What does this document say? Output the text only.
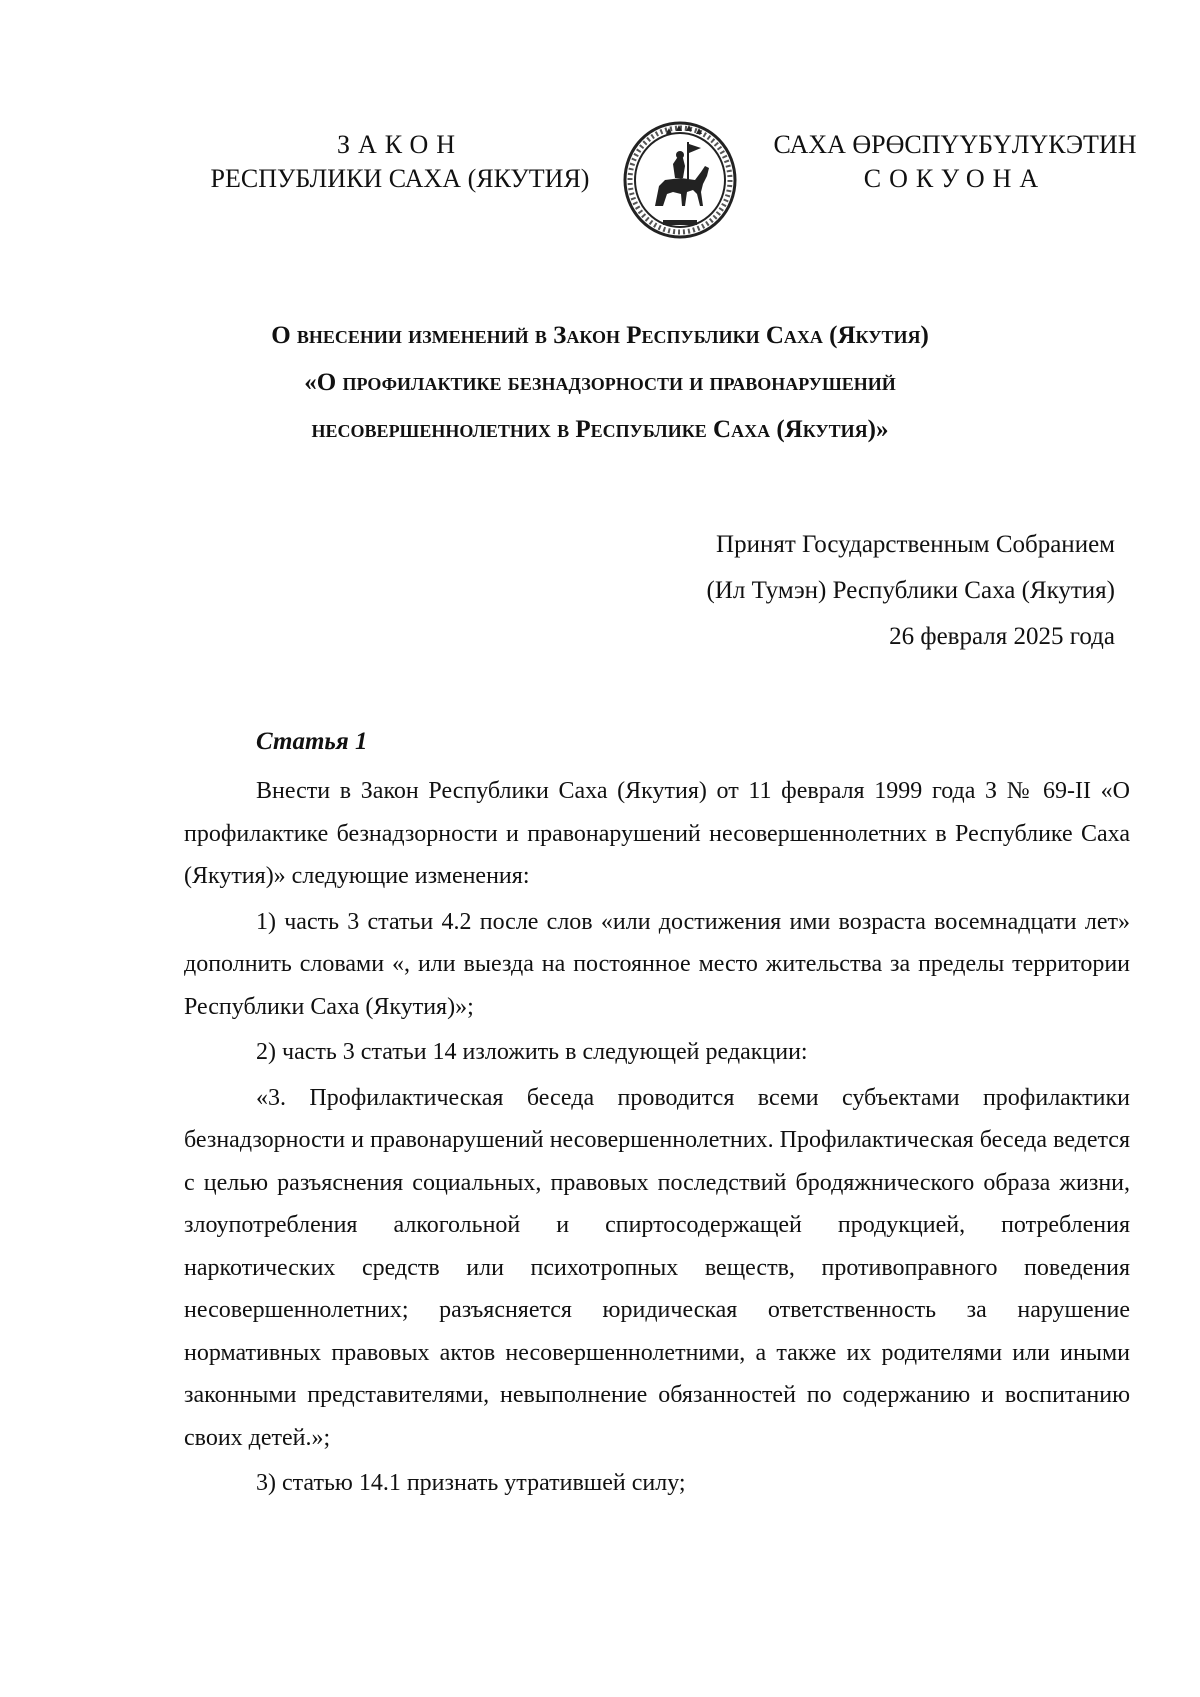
ЗАКОН
РЕСПУБЛИКИ САХА (ЯКУТИЯ)
САХА ӨРӨСПҮҮБҮЛҮКЭТИН
СОКУОНА
О внесении изменений в Закон Республики Саха (Якутия)
«О профилактике безнадзорности и правонарушений
несовершеннолетних в Республике Саха (Якутия)»
Принят Государственным Собранием
(Ил Тумэн) Республики Саха (Якутия)
26 февраля 2025 года
Статья 1

Внести в Закон Республики Саха (Якутия) от 11 февраля 1999 года З № 69-II «О профилактике безнадзорности и правонарушений несовершеннолетних в Республике Саха (Якутия)» следующие изменения:

1) часть 3 статьи 4.2 после слов «или достижения ими возраста восемнадцати лет» дополнить словами «, или выезда на постоянное место жительства за пределы территории Республики Саха (Якутия)»;

2) часть 3 статьи 14 изложить в следующей редакции:

«3. Профилактическая беседа проводится всеми субъектами профилактики безнадзорности и правонарушений несовершеннолетних. Профилактическая беседа ведется с целью разъяснения социальных, правовых последствий бродяжнического образа жизни, злоупотребления алкогольной и спиртосодержащей продукцией, потребления наркотических средств или психотропных веществ, противоправного поведения несовершеннолетних; разъясняется юридическая ответственность за нарушение нормативных правовых актов несовершеннолетними, а также их родителями или иными законными представителями, невыполнение обязанностей по содержанию и воспитанию своих детей.»;

3) статью 14.1 признать утратившей силу;
